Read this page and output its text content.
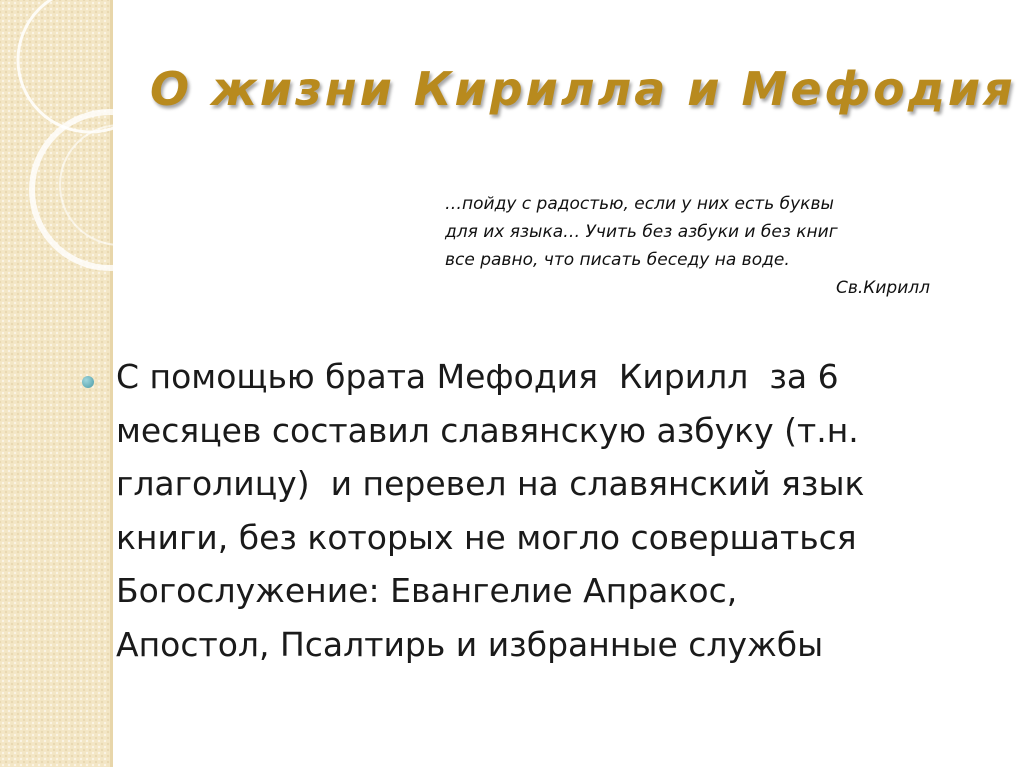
О жизни Кирилла и Мефодия
…пойду с радостью, если у них есть буквы
для их языка… Учить без азбуки и без книг
все равно, что писать беседу на воде.
Св.Кирилл

С помощью брата Мефодия  Кирилл  за 6
месяцев составил славянскую азбуку (т.н.
глаголицу)  и перевел на славянский язык
книги, без которых не могло совершаться
Богослужение: Евангелие Апракос,
Апостол, Псалтирь и избранные службы
